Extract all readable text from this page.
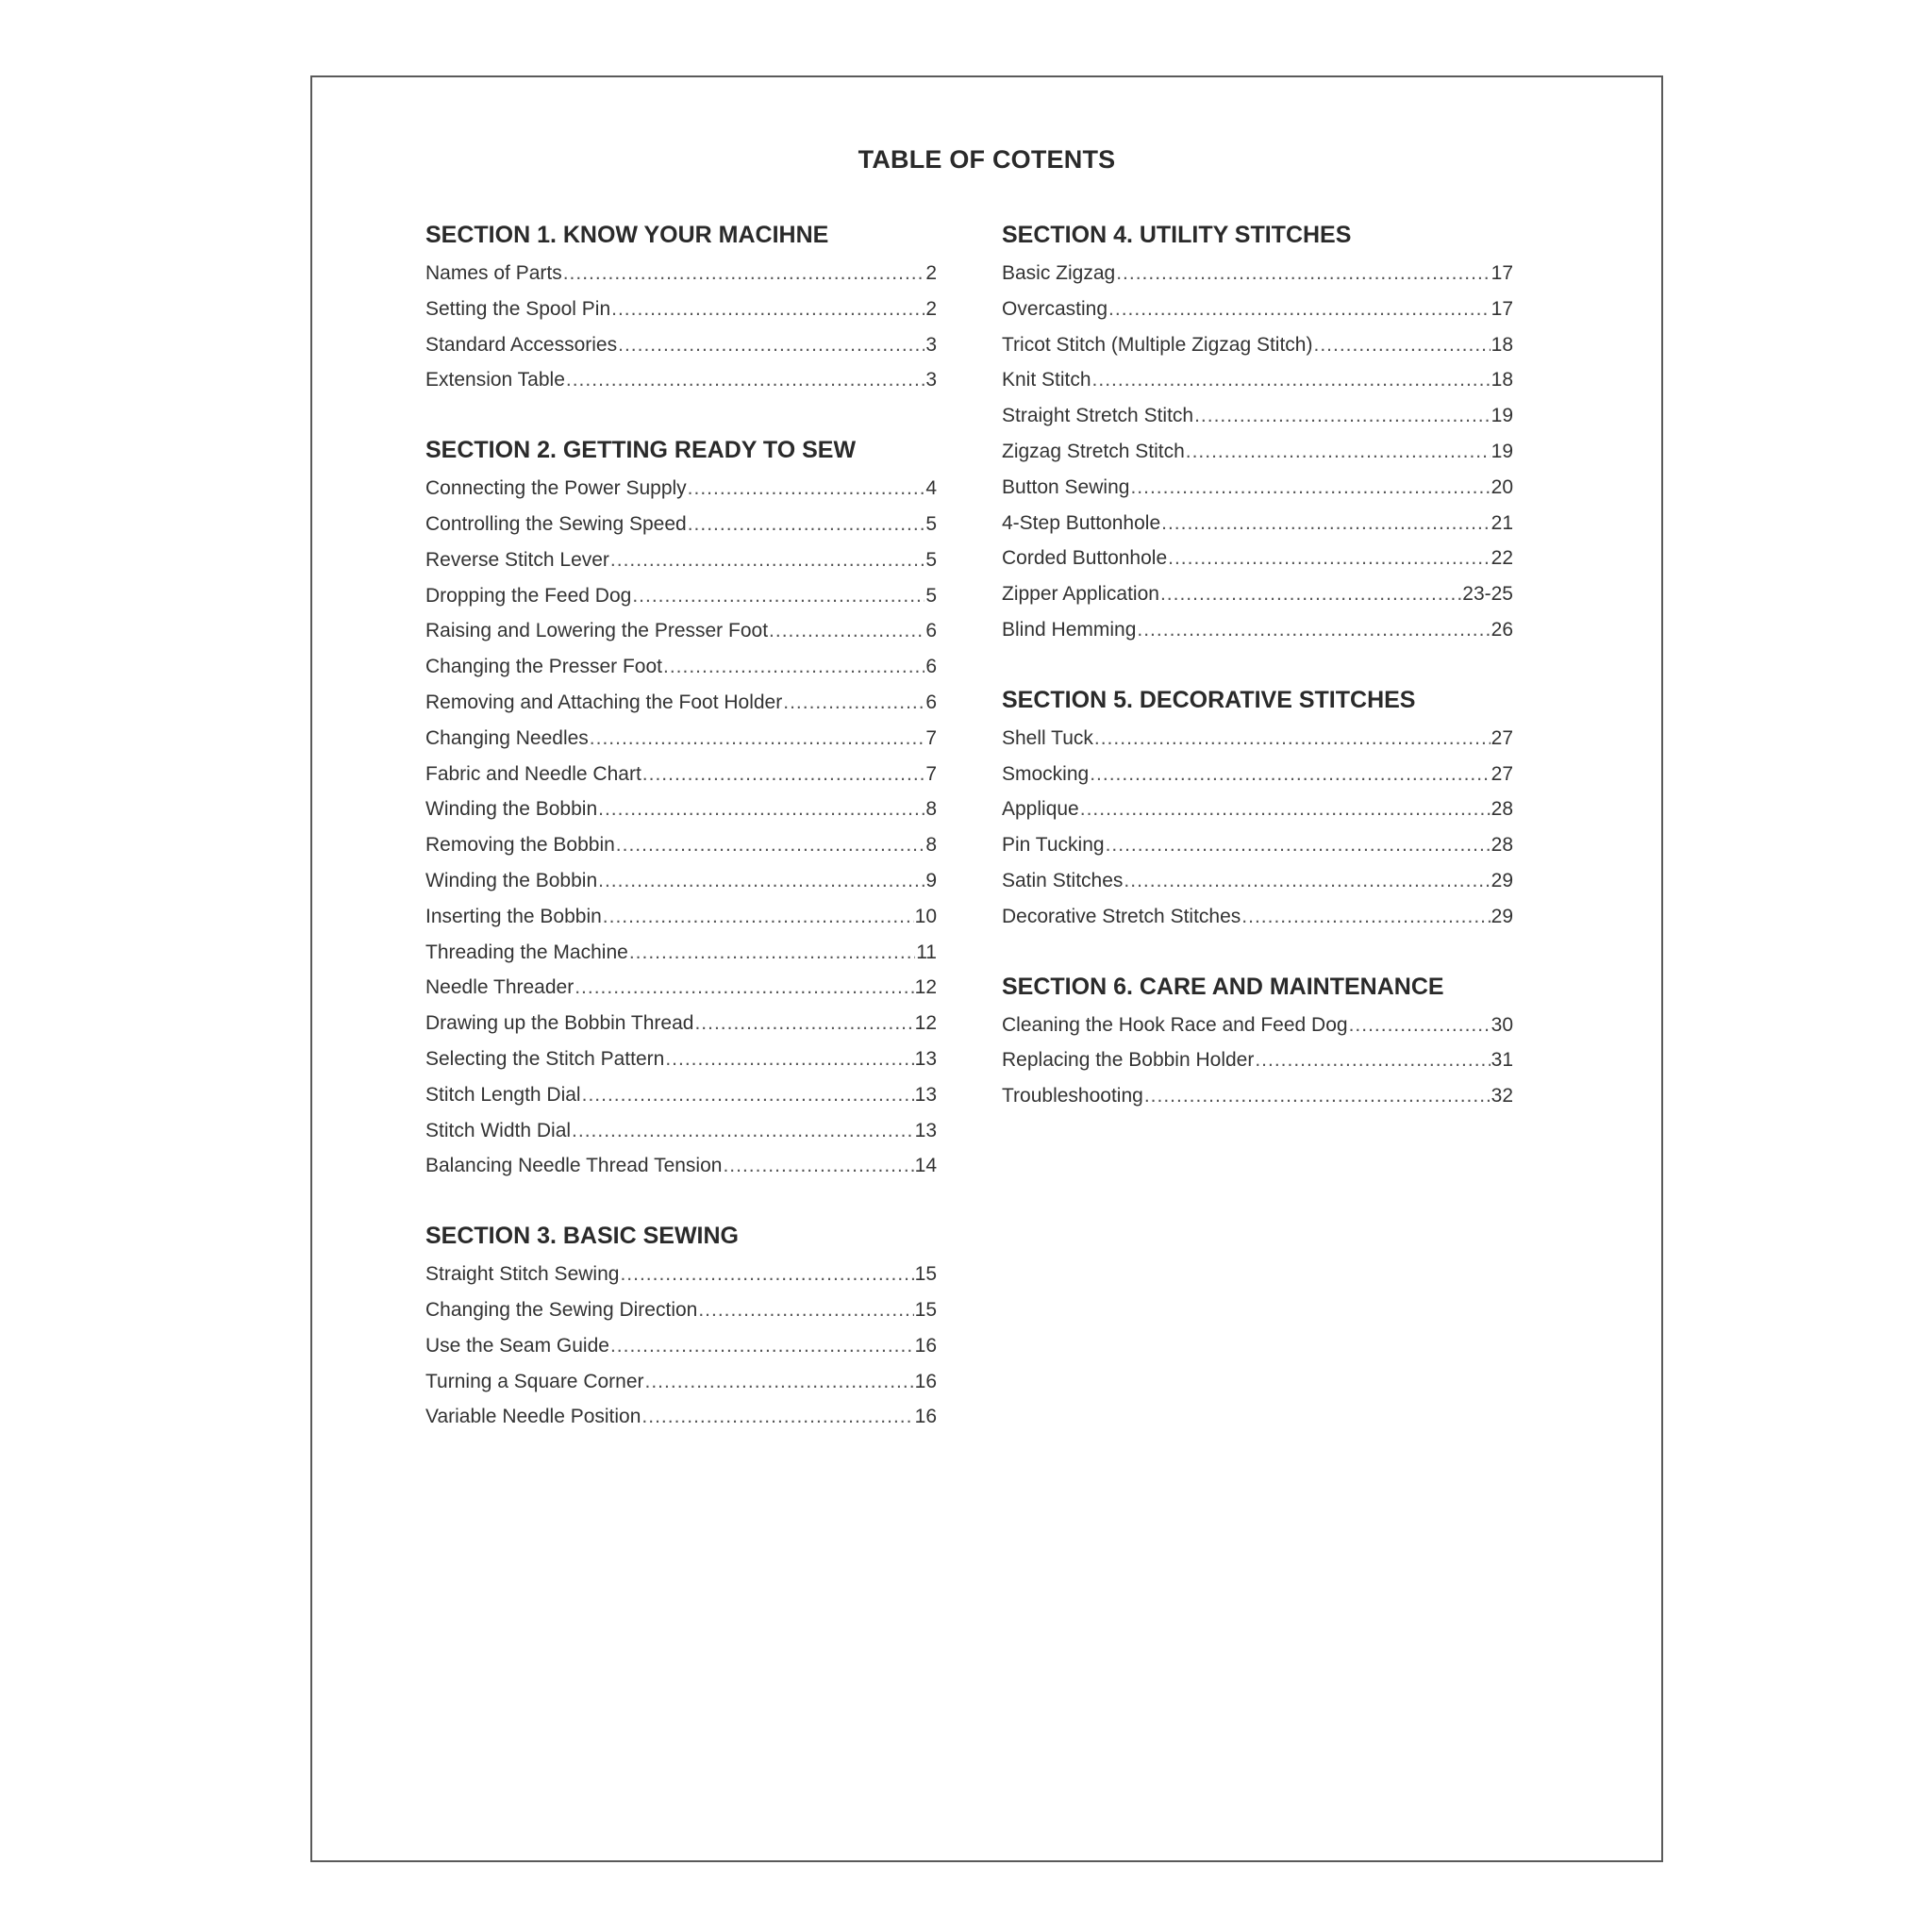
TABLE OF COTENTS
SECTION 1. KNOW YOUR MACIHNE
Names of Parts .....	2
Setting the Spool Pin .....	2
Standard Accessories .....	3
Extension Table .....	3
SECTION 2. GETTING READY TO SEW
Connecting the Power Supply .....	4
Controlling the Sewing Speed .....	5
Reverse Stitch Lever .....	5
Dropping the Feed Dog .....	5
Raising and Lowering the Presser Foot .....	6
Changing the Presser Foot .....	6
Removing and Attaching the Foot Holder .....	6
Changing Needles .....	7
Fabric and Needle Chart .....	7
Winding the Bobbin .....	8
Removing the Bobbin .....	8
Winding the Bobbin .....	9
Inserting the Bobbin .....	10
Threading the Machine .....	11
Needle Threader .....	12
Drawing up the Bobbin Thread .....	12
Selecting the Stitch Pattern .....	13
Stitch Length Dial .....	13
Stitch Width Dial .....	13
Balancing Needle Thread Tension .....	14
SECTION 3. BASIC SEWING
Straight Stitch Sewing .....	15
Changing the Sewing Direction .....	15
Use the Seam Guide .....	16
Turning a Square Corner .....	16
Variable Needle Position .....	16
SECTION 4. UTILITY STITCHES
Basic Zigzag .....	17
Overcasting .....	17
Tricot Stitch (Multiple Zigzag Stitch) .....	18
Knit Stitch .....	18
Straight Stretch Stitch .....	19
Zigzag Stretch Stitch .....	19
Button Sewing .....	20
4-Step Buttonhole .....	21
Corded Buttonhole .....	22
Zipper Application .....	23-25
Blind Hemming .....	26
SECTION 5. DECORATIVE STITCHES
Shell Tuck .....	27
Smocking .....	27
Applique .....	28
Pin Tucking .....	28
Satin Stitches .....	29
Decorative Stretch Stitches .....	29
SECTION 6. CARE AND MAINTENANCE
Cleaning the Hook Race and Feed Dog .....	30
Replacing the Bobbin Holder .....	31
Troubleshooting .....	32
